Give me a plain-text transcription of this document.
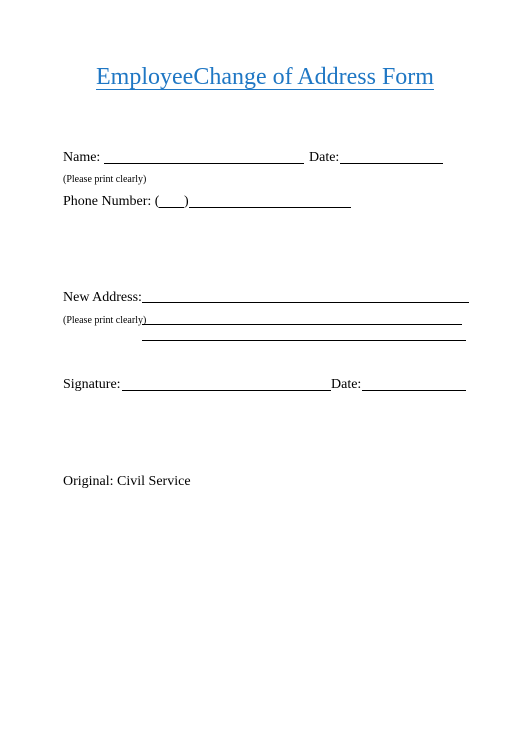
EmployeeChange of Address Form
Name:	Date:
(Please print clearly)
Phone Number: ( )
New Address:
(Please print clearly)
Signature:	Date:
Original: Civil Service
